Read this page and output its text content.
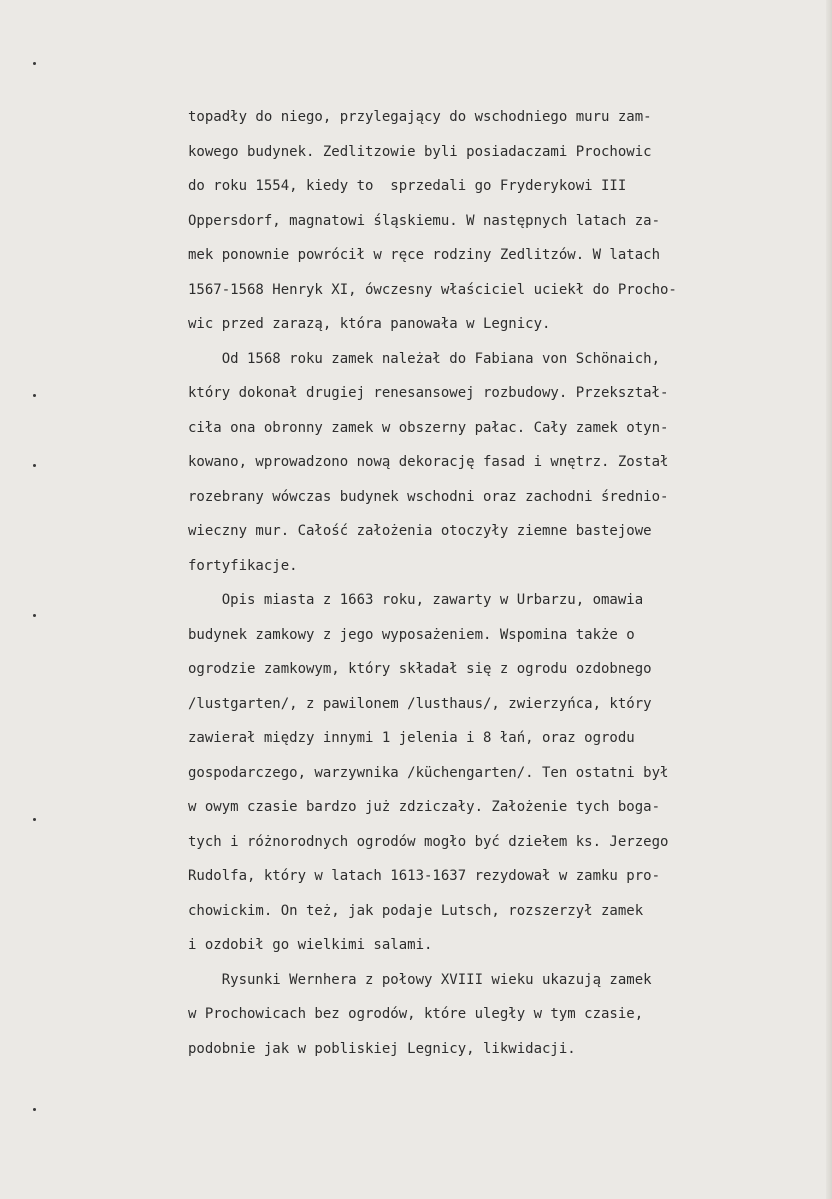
topadły do niego, przylegający do wschodniego muru zam-
kowego budynek. Zedlitzowie byli posiadaczami Prochowic
do roku 1554, kiedy to  sprzedali go Fryderykowi III
Oppersdorf, magnatowi śląskiemu. W następnych latach za-
mek ponownie powrócił w ręce rodziny Zedlitzów. W latach
1567-1568 Henryk XI, ówczesny właściciel uciekł do Procho-
wic przed zarazą, która panowała w Legnicy.
Od 1568 roku zamek należał do Fabiana von Schönaich,
który dokonał drugiej renesansowej rozbudowy. Przekształ-
ciła ona obronny zamek w obszerny pałac. Cały zamek otyn-
kowano, wprowadzono nową dekorację fasad i wnętrz. Został
rozebrany wówczas budynek wschodni oraz zachodni średnio-
wieczny mur. Całość założenia otoczyły ziemne bastejowe
fortyfikacje.
Opis miasta z 1663 roku, zawarty w Urbarzu, omawia
budynek zamkowy z jego wyposażeniem. Wspomina także o
ogrodzie zamkowym, który składał się z ogrodu ozdobnego
/lustgarten/, z pawilonem /lusthaus/, zwierzyńca, który
zawierał między innymi 1 jelenia i 8 łań, oraz ogrodu
gospodarczego, warzywnika /küchengarten/. Ten ostatni był
w owym czasie bardzo już zdziczały. Założenie tych boga-
tych i różnorodnych ogrodów mogło być dziełem ks. Jerzego
Rudolfa, który w latach 1613-1637 rezydował w zamku pro-
chowickim. On też, jak podaje Lutsch, rozszerzył zamek
i ozdobił go wielkimi salami.
Rysunki Wernhera z połowy XVIII wieku ukazują zamek
w Prochowicach bez ogrodów, które uległy w tym czasie,
podobnie jak w pobliskiej Legnicy, likwidacji.
